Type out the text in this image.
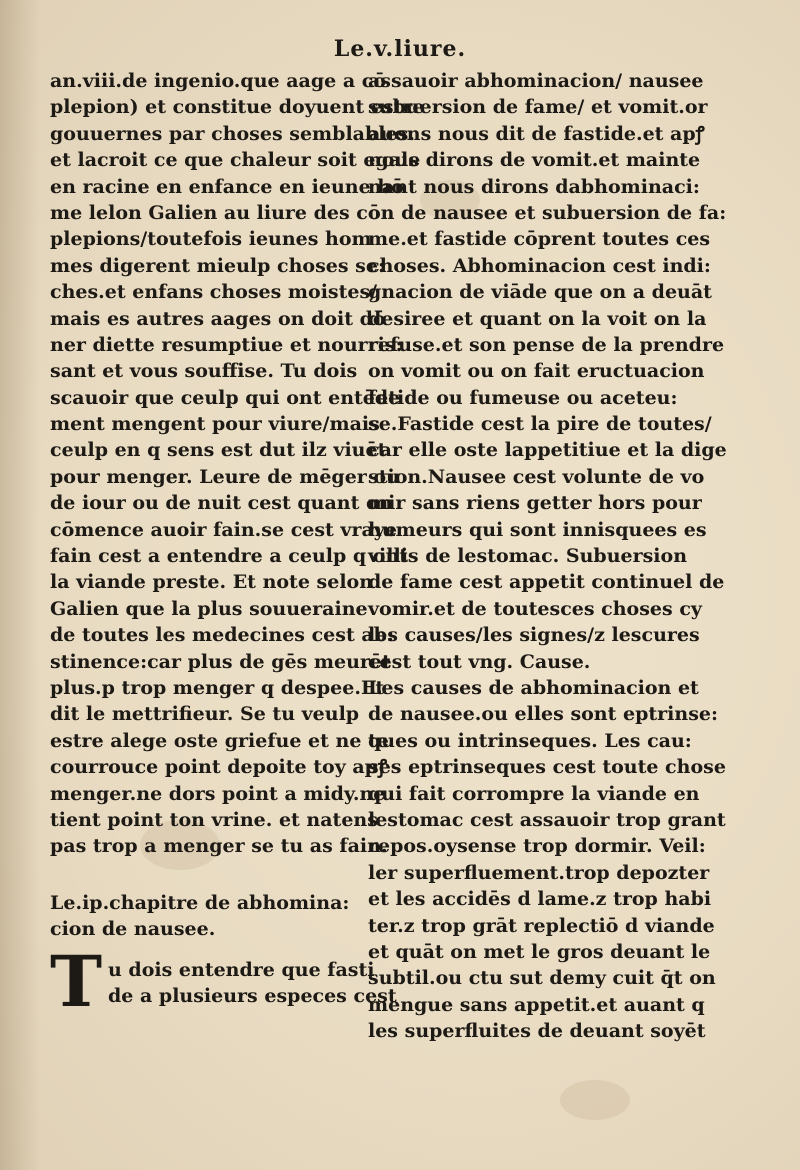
Le.v.liure.
an.viii.de ingenio.que aage a cō
plepion) et constitue doyuent estre
gouuernes par choses semblables.
et lacroit ce que chaleur soit egale
en racine en enfance en ieune hō
me lelon Galien au liure des cō
plepions/toutefois ieunes hom
mes digerent mieulp choses se:
ches.et enfans choses moistes/
mais es autres aages on doit dō
ner diette resumptiue et nourris:
sant et vous souffise. Tu dois
scauoir que ceulp qui ont entēde
ment mengent pour viure/mais
ceulp en q sens est dut ilz viuēt
pour menger. Leure de mēger ou
de iour ou de nuit cest quant on
cōmence auoir fain.se cest vraye
fain cest a entendre a ceulp q ont
la viande preste. Et note selon
Galien que la plus souueraine
de toutes les medecines cest ab:
stinence:car plus de gēs meurēt
plus.p trop menger q despee.Et
dit le mettrifieur. Se tu veulp
estre alege oste griefue et ne te
courrouce point depoite toy apꝭ
menger.ne dors point a midy.ne
tient point ton vrine. et natens
pas trop a menger se tu as fain.
Le.ip.chapitre de abhomina:
cion de nausee.
T u dois entendre que fasti
de a plusieurs especes cest
assauoir abhominacion/ nausee
subuersion de fame/ et vomit.or
auons nous dit de fastide.et apꝭ
nous dirons de vomit.et mainte
nant nous dirons dabhominaci:
on de nausee et subuersion de fa:
me.et fastide cōprent toutes ces
choses. Abhominacion cest indi:
gnacion de viāde que on a deuāt
desiree et quant on la voit on la
refuse.et son pense de la prendre
on vomit ou on fait eructuacion
fetide ou fumeuse ou aceteu:
se.Fastide cest la pire de toutes/
car elle oste lappetitiue et la dige
stion.Nausee cest volunte de vo
mir sans riens getter hors pour
humeurs qui sont innisquees es
villis de lestomac. Subuersion
de fame cest appetit continuel de
vomir.et de toutesces choses cy
les causes/les signes/z lescures
cest tout vng. Cause.
Les causes de abhominacion et
de nausee.ou elles sont eptrinse:
ques ou intrinseques. Les cau:
ses eptrinseques cest toute chose
qui fait corrompre la viande en
lestomac cest assauoir trop grant
repos.oysense trop dormir. Veil:
ler superfluement.trop depozter
et les accidēs d lame.z trop habi
ter.z trop grāt replectiō d viande
et quāt on met le gros deuant le
subtil.ou ctu sut demy cuit q̄t on
mengue sans appetit.et auant q
les superfluites de deuant soyēt
